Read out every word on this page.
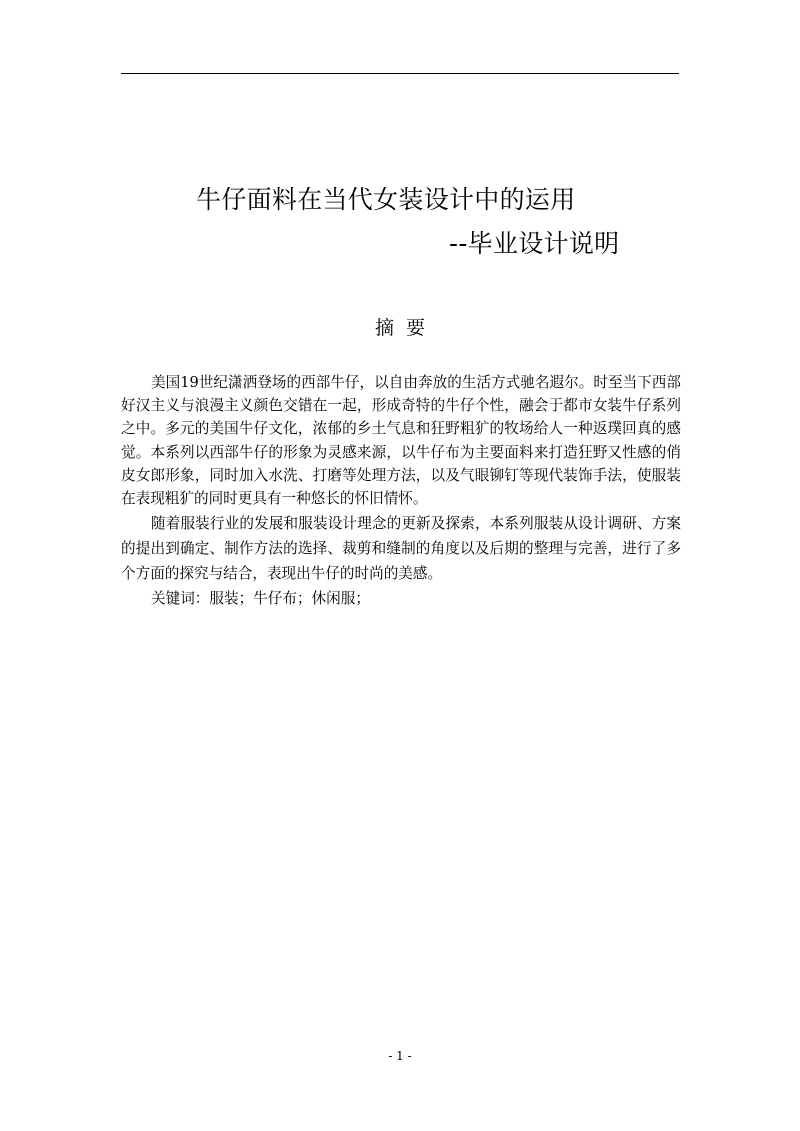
牛仔面料在当代女装设计中的运用
--毕业设计说明
摘  要

美国19世纪潇洒登场的西部牛仔，以自由奔放的生活方式驰名遐尔。时至当下西部好汉主义与浪漫主义颜色交错在一起，形成奇特的牛仔个性，融会于都市女装牛仔系列之中。多元的美国牛仔文化，浓郁的乡土气息和狂野粗犷的牧场给人一种返璞回真的感觉。本系列以西部牛仔的形象为灵感来源，以牛仔布为主要面料来打造狂野又性感的俏皮女郎形象，同时加入水洗、打磨等处理方法，以及气眼铆钉等现代装饰手法，使服装在表现粗犷的同时更具有一种悠长的怀旧情怀。

随着服装行业的发展和服装设计理念的更新及探索，本系列服装从设计调研、方案的提出到确定、制作方法的选择、裁剪和缝制的角度以及后期的整理与完善，进行了多个方面的探究与结合，表现出牛仔的时尚的美感。

关键词：服装；牛仔布；休闲服；

- 1 -
